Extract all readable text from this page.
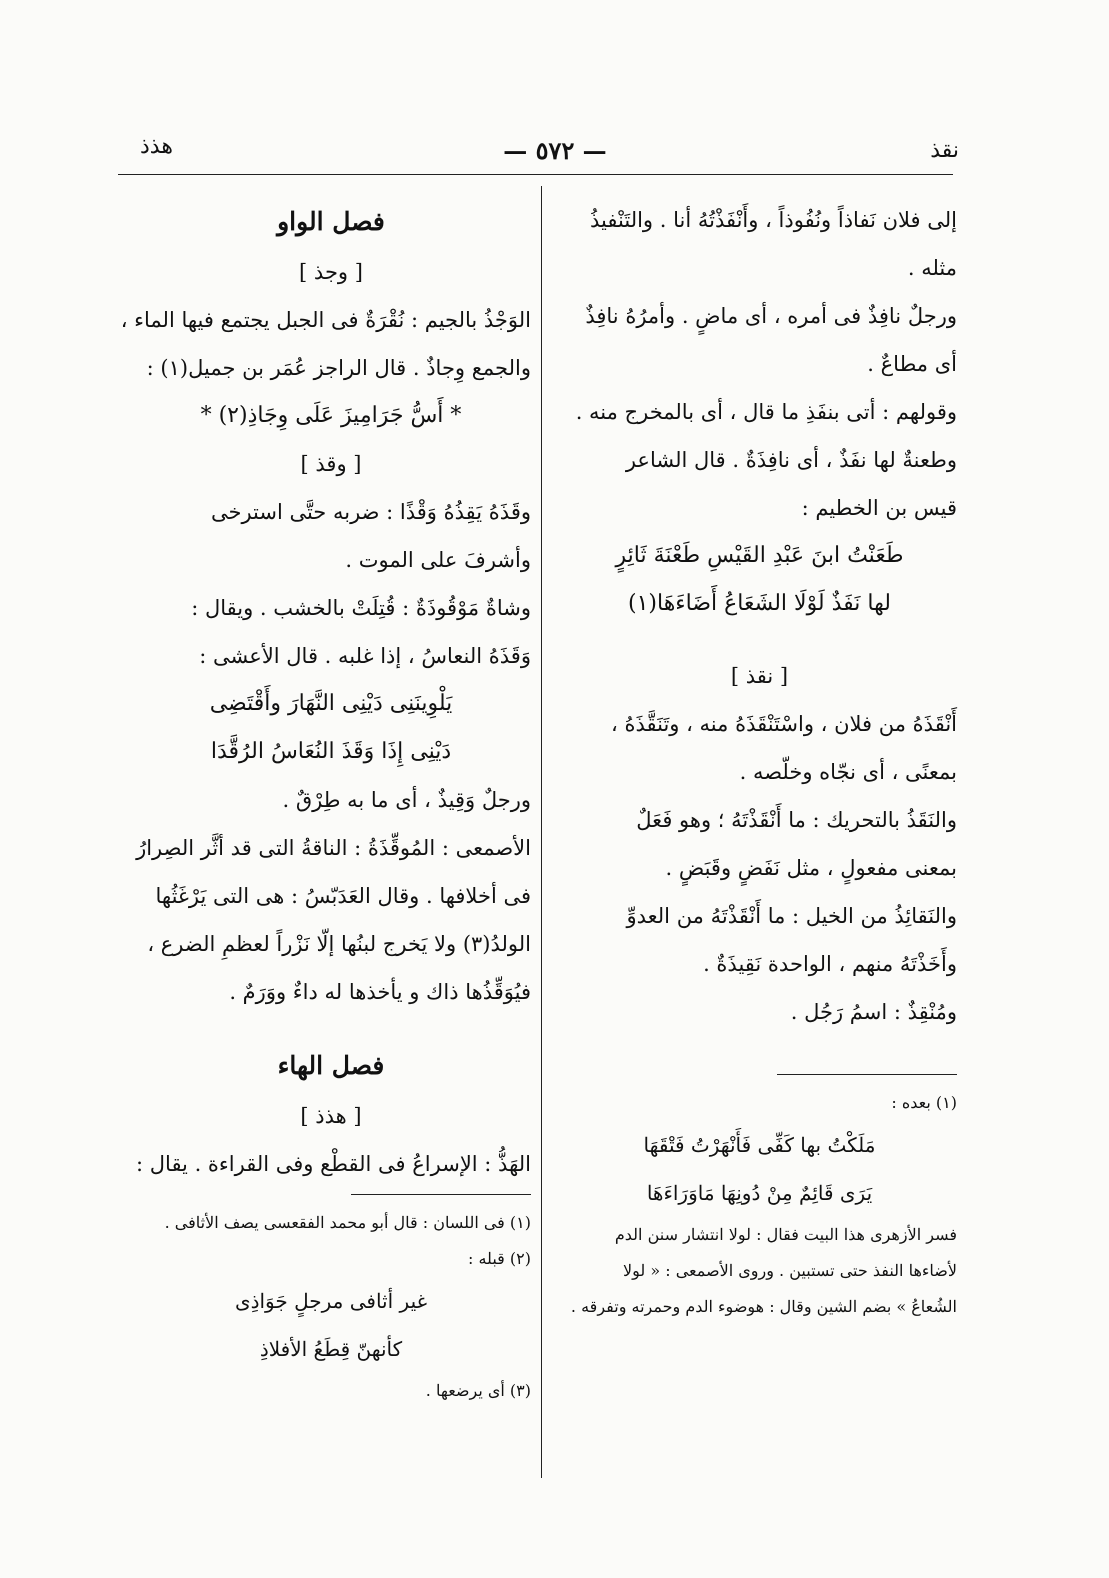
نقذ
— ٥٧٢ —
هذذ
إلى فلان نَفاذاً ونُفُوذاً ، وأَنْفَذْتُهُ أنا . والتَنْفيذُ
مثله .
ورجلٌ نافِذٌ فى أمره ، أى ماضٍ . وأمرُهُ نافِذٌ
أى مطاعٌ .
وقولهم : أتى بنفَذِ ما قال ، أى بالمخرج منه .
وطعنةٌ لها نفَذٌ ، أى نافِذَةٌ . قال الشاعر
قيس بن الخطيم :
طَعَنْتُ ابنَ عَبْدِ القَيْسِ طَعْنَةَ ثَائِرٍ
لها نَفَذٌ لَوْلَا الشَعَاعُ أَضَاءَهَا(١)
[ نقذ ]
أَنْقَذَهُ من فلان ، واسْتَنْقَذَهُ منه ، وتَنَقَّذَهُ ،
بمعنًى ، أى نجّاه وخلّصه .
والنَقَذُ بالتحريك : ما أَنْقَذْتَهُ ؛ وهو فَعَلٌ
بمعنى مفعولٍ ، مثل نَفَضٍ وقَبَضٍ .
والنَقائِذُ من الخيل : ما أَنْقَذْتَهُ من العدوِّ
وأَخَذْتَهُ منهم ، الواحدة نَقِيذَةٌ .
ومُنْقِذٌ : اسمُ رَجُل .
(١) بعده :
مَلَكْتُ بها كَفِّى فَأَنْهَرْتُ فَتْقَهَا
يَرَى قَائِمٌ مِنْ دُونِهَا مَاوَرَاءَهَا
فسر الأزهرى هذا البيت فقال : لولا انتشار سنن الدم
لأضاءها النفذ حتى تستبين . وروى الأصمعى : « لولا
الشُعاعُ » بضم الشين وقال : هوضوء الدم وحمرته وتفرقه .
فصل الواو
[ وجذ ]
الوَجْذُ بالجيم : نُقْرَةٌ فى الجبل يجتمع فيها الماء ،
والجمع وِجاذٌ . قال الراجز عُمَر بن جميل(١) :
* أَسُّ جَرَامِيزَ عَلَى وِجَاذِ(٢) *
[ وقذ ]
وقَذَهُ يَقِذُهُ وَقْذًا : ضربه حتَّى استرخى
وأشرفَ على الموت .
وشاةٌ مَوْقُوذَةٌ : قُتِلَتْ بالخشب . ويقال :
وَقَذَهُ النعاسُ ، إذا غلبه . قال الأعشى :
يَلْوِينَنِى دَيْنِى النَّهَارَ وأَقْتَضِى
دَيْنِى إِذَا وَقَذَ النُعَاسُ الرُقَّدَا
ورجلٌ وَقِيذٌ ، أى ما به طِرْقٌ .
الأصمعى : المُوقِّذَةُ : الناقةُ التى قد أثَّر الصِرارُ
فى أخلافها . وقال العَدَبّسُ : هى التى يَرْغَثُها
الولدُ(٣) ولا يَخرج لبنُها إلّا نَزْراً لعظمِ الضرع ،
فيُوَقِّذُها ذاك و يأخذها له داءٌ ووَرَمٌ .
فصل الهاء
[ هذذ ]
الهَذُّ : الإسراعُ فى القطْع وفى القراءة . يقال :
(١) فى اللسان : قال أبو محمد الفقعسى يصف الأثافى .
(٢) قبله :
غير أثافى مرجلٍ جَوَاذِى
كأنهنّ قِطَعُ الأفلاذِ
(٣) أى يرضعها .
